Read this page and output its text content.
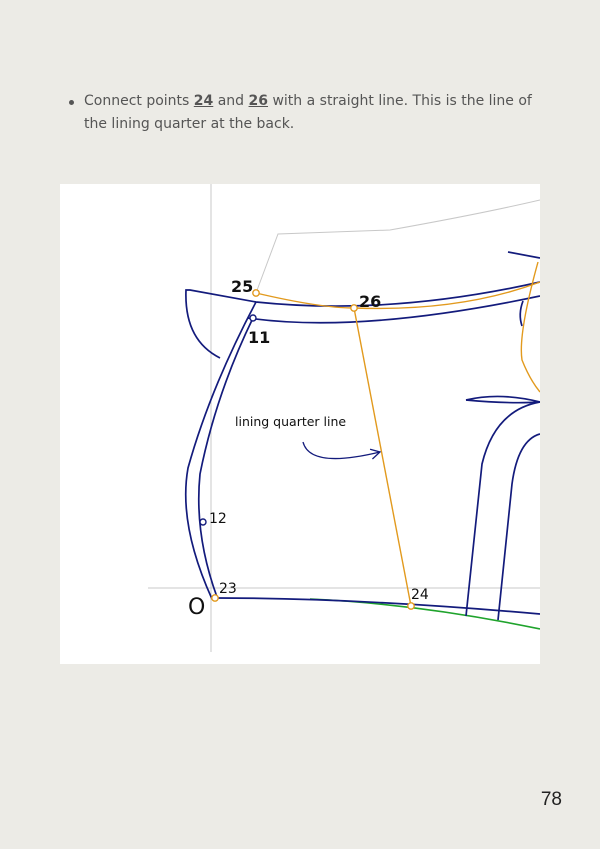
Connect points 24 and 26 with a straight line. This is the line of the lining quarter at the back.
25
26
11
12
23	24
O
lining quarter line
78
